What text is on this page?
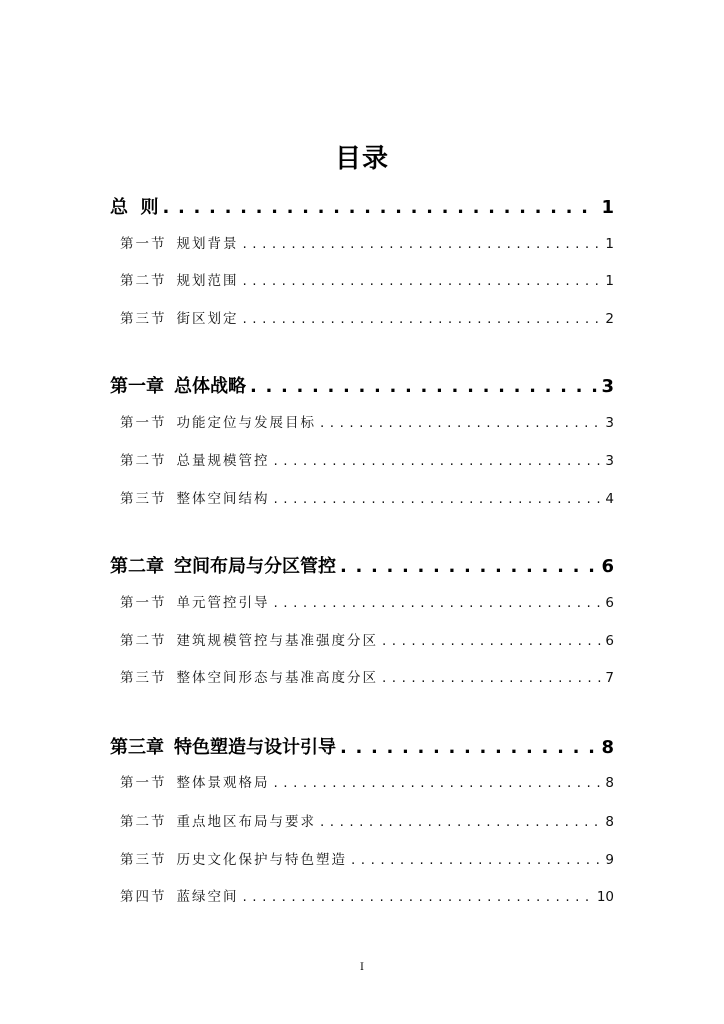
目录
总  则 . . .	1
第一节 规划背景 . . .	1
第二节 规划范围 . . .	1
第三节 街区划定 . . .	2
第一章 总体战略 . . .	3
第一节 功能定位与发展目标 . . .	3
第二节 总量规模管控 . . .	3
第三节 整体空间结构 . . .	4
第二章 空间布局与分区管控 . . .	6
第一节 单元管控引导 . . .	6
第二节 建筑规模管控与基准强度分区 . . .	6
第三节 整体空间形态与基准高度分区 . . .	7
第三章 特色塑造与设计引导 . . .	8
第一节 整体景观格局 . . .	8
第二节 重点地区布局与要求 . . .	8
第三节 历史文化保护与特色塑造 . . .	9
第四节 蓝绿空间 . . .	10
I
